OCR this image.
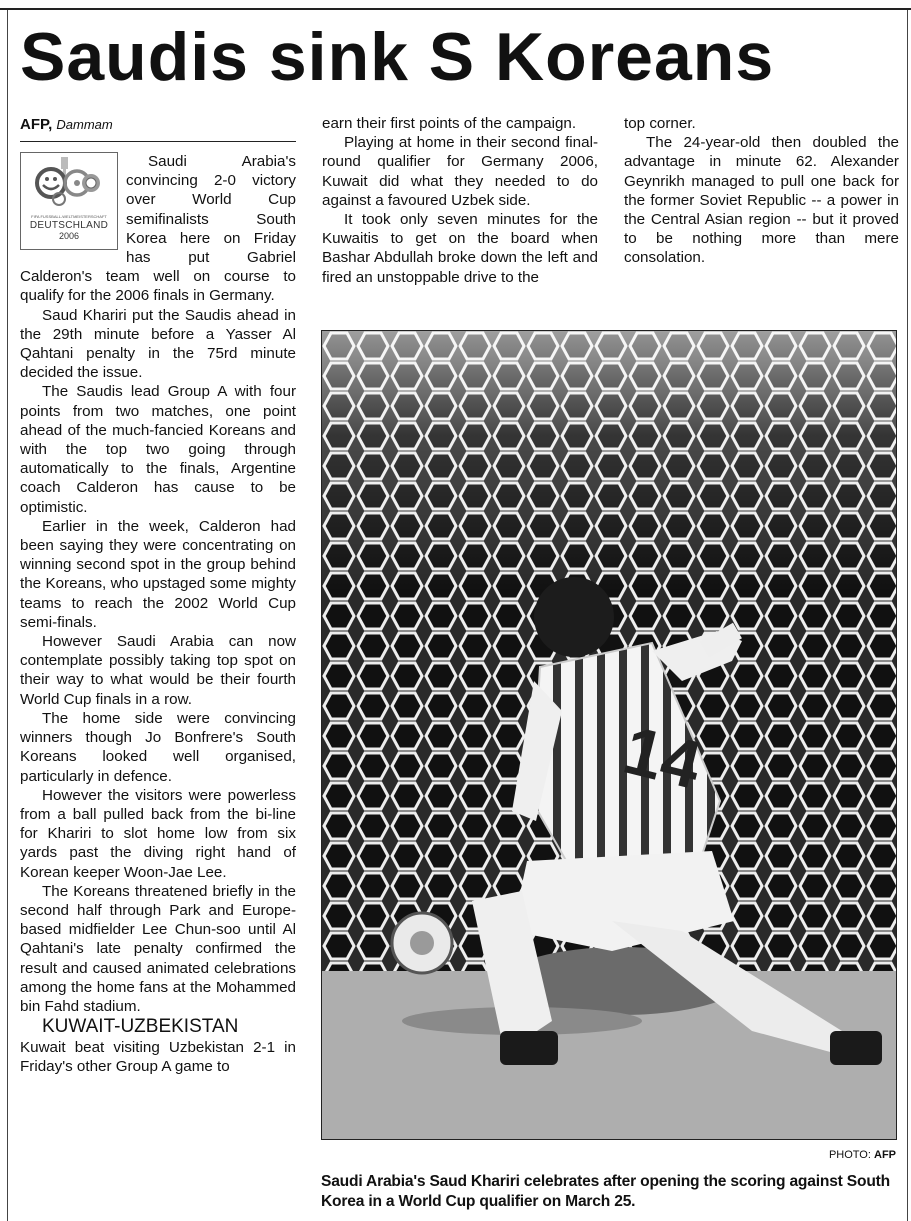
Saudis sink S Koreans
AFP, Dammam
FIFA FUSSBALL-WELTMEISTERSCHAFT
DEUTSCHLAND
2006

Saudi Arabia's convincing 2-0 victory over World Cup semifinalists South Korea here on Friday has put Gabriel Calderon's team well on course to qualify for the 2006 finals in Germany.

Saud Khariri put the Saudis ahead in the 29th minute before a Yasser Al Qahtani penalty in the 75rd minute decided the issue.

The Saudis lead Group A with four points from two matches, one point ahead of the much-fancied Koreans and with the top two going through automatically to the finals, Argentine coach Calderon has cause to be optimistic.

Earlier in the week, Calderon had been saying they were concentrating on winning second spot in the group behind the Koreans, who upstaged some mighty teams to reach the 2002 World Cup semi-finals.

However Saudi Arabia can now contemplate possibly taking top spot on their way to what would be their fourth World Cup finals in a row.

The home side were convincing winners though Jo Bonfrere's South Koreans looked well organised, particularly in defence.

However the visitors were powerless from a ball pulled back from the bi-line for Khariri to slot home low from six yards past the diving right hand of Korean keeper Woon-Jae Lee.

The Koreans threatened briefly in the second half through Park and Europe-based midfielder Lee Chun-soo until Al Qahtani's late penalty confirmed the result and caused animated celebrations among the home fans at the Mohammed bin Fahd stadium.

KUWAIT-UZBEKISTAN

Kuwait beat visiting Uzbekistan 2-1 in Friday's other Group A game to

earn their first points of the campaign.

Playing at home in their second final-round qualifier for Germany 2006, Kuwait did what they needed to do against a favoured Uzbek side.

It took only seven minutes for the Kuwaitis to get on the board when Bashar Abdullah broke down the left and fired an unstoppable drive to the

top corner.

The 24-year-old then doubled the advantage in minute 62. Alexander Geynrikh managed to pull one back for the former Soviet Republic -- a power in the Central Asian region -- but it proved to be nothing more than mere consolation.

14
PHOTO: AFP

Saudi Arabia's Saud Khariri celebrates after opening the scoring against South Korea in a World Cup qualifier on March 25.
